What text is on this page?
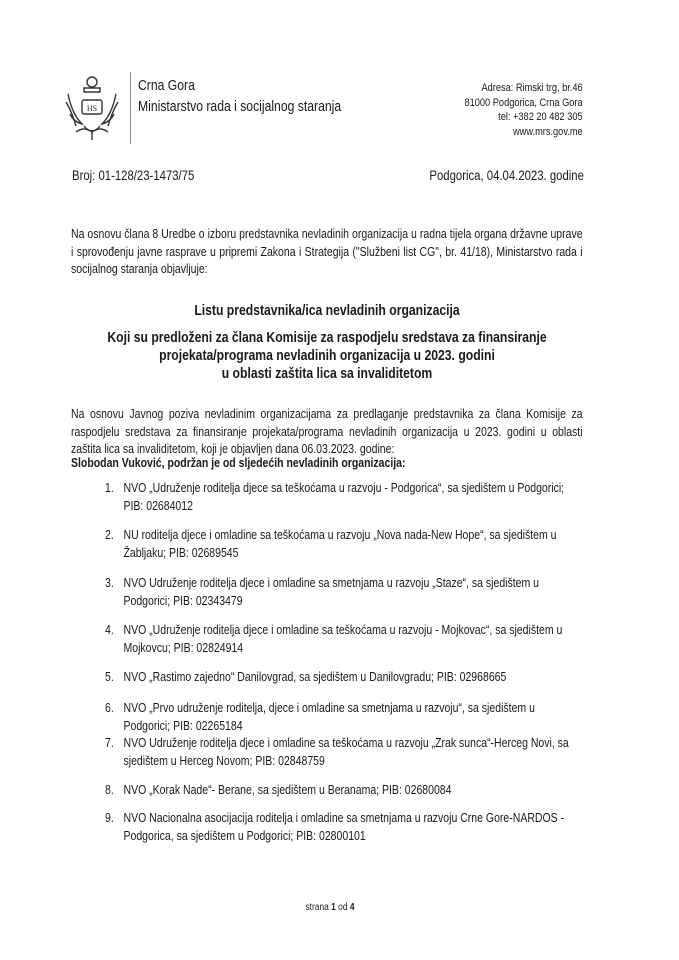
HS
Crna Gora
Ministarstvo rada i socijalnog staranja
Adresa: Rimski trg, br.46
81000 Podgorica, Crna Gora
tel: +382 20 482 305
www.mrs.gov.me
Broj: 01-128/23-1473/75	Podgorica, 04.04.2023. godine
Na osnovu člana 8 Uredbe o izboru predstavnika nevladinih organizacija u radna tijela organa državne uprave i sprovođenju javne rasprave u pripremi Zakona i Strategija ("Službeni list CG", br. 41/18), Ministarstvo rada i socijalnog staranja objavljuje:
Listu predstavnika/ica nevladinih organizacija
Koji su predloženi za člana Komisije za raspodjelu sredstava za finansiranje
projekata/programa nevladinih organizacija u 2023. godini
u oblasti zaštita lica sa invaliditetom
Na osnovu Javnog poziva nevladinim organizacijama za predlaganje predstavnika za člana Komisije za raspodjelu sredstava za finansiranje projekata/programa nevladinih organizacija u 2023. godini u oblasti zaštita lica sa invaliditetom, koji je objavljen dana 06.03.2023. godine:
Slobodan Vuković, podržan je od sljedećih nevladinih organizacija:
1. NVO „Udruženje roditelja djece sa teškoćama u razvoju - Podgorica“, sa sjedištem u Podgorici; PIB: 02684012
2. NU roditelja djece i omladine sa teškoćama u razvoju „Nova nada-New Hope“, sa sjedištem u Žabljaku; PIB: 02689545
3. NVO Udruženje roditelja djece i omladine sa smetnjama u razvoju „Staze“, sa sjedištem u Podgorici; PIB: 02343479
4. NVO „Udruženje roditelja djece i omladine sa teškoćama u razvoju - Mojkovac“, sa sjedištem u Mojkovcu; PIB: 02824914
5. NVO „Rastimo zajedno“ Danilovgrad, sa sjedištem u Danilovgradu; PIB: 02968665
6. NVO „Prvo udruženje roditelja, djece i omladine sa smetnjama u razvoju“, sa sjedištem u Podgorici; PIB: 02265184
7. NVO Udruženje roditelja djece i omladine sa teškoćama u razvoju „Zrak sunca“-Herceg Novi, sa sjedištem u Herceg Novom; PIB: 02848759
8. NVO „Korak Nade“- Berane, sa sjedištem u Beranama; PIB: 02680084
9. NVO Nacionalna asocijacija roditelja i omladine sa smetnjama u razvoju Crne Gore-NARDOS - Podgorica, sa sjedištem u Podgorici; PIB: 02800101
strana 1 od 4
